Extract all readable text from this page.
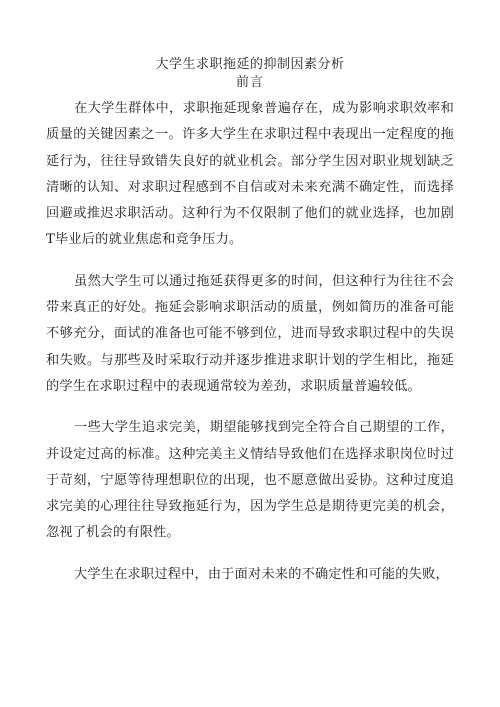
大学生求职拖延的抑制因素分析
前言

在大学生群体中，求职拖延现象普遍存在，成为影响求职效率和质量的关键因素之一。许多大学生在求职过程中表现出一定程度的拖延行为，往往导致错失良好的就业机会。部分学生因对职业规划缺乏清晰的认知、对求职过程感到不自信或对未来充满不确定性，而选择回避或推迟求职活动。这种行为不仅限制了他们的就业选择，也加剧T毕业后的就业焦虑和竞争压力。

虽然大学生可以通过拖延获得更多的时间，但这种行为往往不会带来真正的好处。拖延会影响求职活动的质量，例如简历的准备可能不够充分，面试的准备也可能不够到位，进而导致求职过程中的失误和失败。与那些及时采取行动并逐步推进求职计划的学生相比，拖延的学生在求职过程中的表现通常较为差劲，求职质量普遍较低。

一些大学生追求完美，期望能够找到完全符合自己期望的工作，并设定过高的标准。这种完美主义情结导致他们在选择求职岗位时过于苛刻，宁愿等待理想职位的出现，也不愿意做出妥协。这种过度追求完美的心理往往导致拖延行为，因为学生总是期待更完美的机会，忽视了机会的有限性。

大学生在求职过程中，由于面对未来的不确定性和可能的失败，
